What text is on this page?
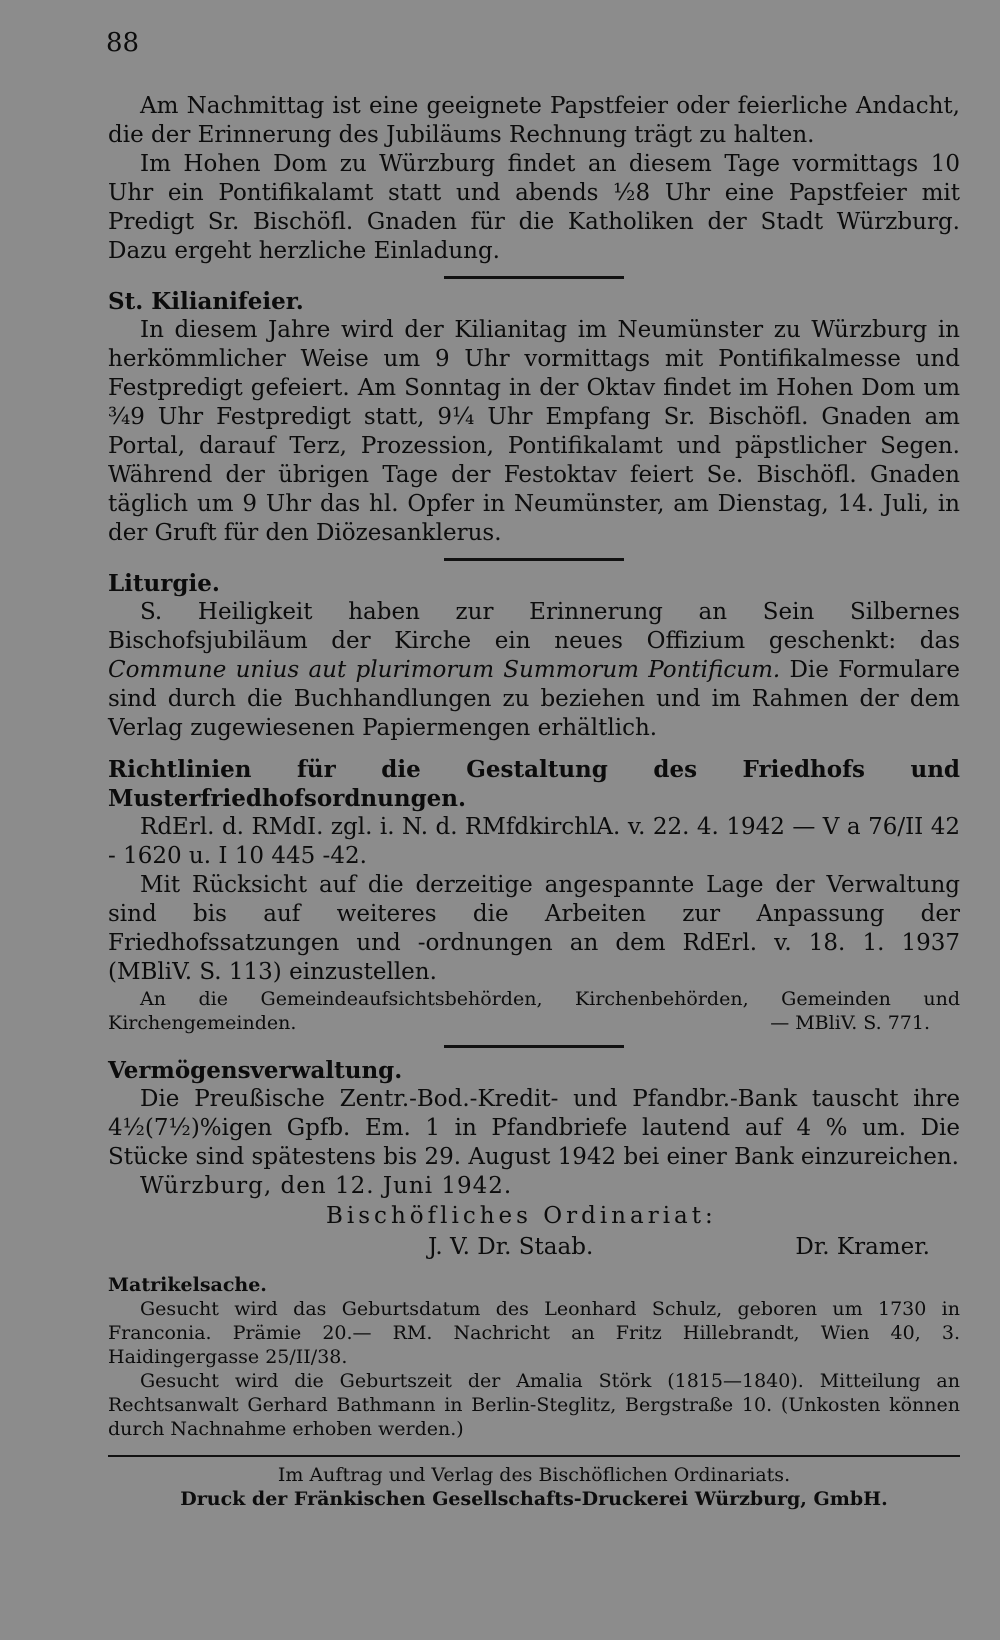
88

Am Nachmittag ist eine geeignete Papstfeier oder feierliche Andacht, die der Erinnerung des Jubiläums Rechnung trägt zu halten.

Im Hohen Dom zu Würzburg findet an diesem Tage vormittags 10 Uhr ein Pontifikalamt statt und abends ½8 Uhr eine Papstfeier mit Predigt Sr. Bischöfl. Gnaden für die Katholiken der Stadt Würzburg. Dazu ergeht herzliche Einladung.

St. Kilianifeier.

In diesem Jahre wird der Kilianitag im Neumünster zu Würzburg in herkömmlicher Weise um 9 Uhr vormittags mit Pontifikalmesse und Festpredigt gefeiert. Am Sonntag in der Oktav findet im Hohen Dom um ¾9 Uhr Festpredigt statt, 9¼ Uhr Empfang Sr. Bischöfl. Gnaden am Portal, darauf Terz, Prozession, Pontifikalamt und päpstlicher Segen. Während der übrigen Tage der Festoktav feiert Se. Bischöfl. Gnaden täglich um 9 Uhr das hl. Opfer in Neumünster, am Dienstag, 14. Juli, in der Gruft für den Diözesanklerus.

Liturgie.

S. Heiligkeit haben zur Erinnerung an Sein Silbernes Bischofsjubiläum der Kirche ein neues Offizium geschenkt: das Commune unius aut plurimorum Summorum Pontificum. Die Formulare sind durch die Buchhandlungen zu beziehen und im Rahmen der dem Verlag zugewiesenen Papiermengen erhältlich.

Richtlinien für die Gestaltung des Friedhofs und Musterfriedhofsordnungen.

RdErl. d. RMdI. zgl. i. N. d. RMfdkirchlA. v. 22. 4. 1942 — V a 76/II 42 - 1620 u. I 10 445 -42.

Mit Rücksicht auf die derzeitige angespannte Lage der Verwaltung sind bis auf weiteres die Arbeiten zur Anpassung der Friedhofssatzungen und -ordnungen an dem RdErl. v. 18. 1. 1937 (MBliV. S. 113) einzustellen.

An die Gemeindeaufsichtsbehörden, Kirchenbehörden, Gemeinden und Kirchengemeinden.	— MBliV. S. 771.

Vermögensverwaltung.

Die Preußische Zentr.-Bod.-Kredit- und Pfandbr.-Bank tauscht ihre 4½(7½)%igen Gpfb. Em. 1 in Pfandbriefe lautend auf 4 % um. Die Stücke sind spätestens bis 29. August 1942 bei einer Bank einzureichen.

Würzburg, den 12. Juni 1942.

Bischöfliches Ordinariat:
J. V. Dr. Staab.	Dr. Kramer.

Matrikelsache.

Gesucht wird das Geburtsdatum des Leonhard Schulz, geboren um 1730 in Franconia. Prämie 20.— RM. Nachricht an Fritz Hillebrandt, Wien 40, 3. Haidingergasse 25/II/38.

Gesucht wird die Geburtszeit der Amalia Störk (1815—1840). Mitteilung an Rechtsanwalt Gerhard Bathmann in Berlin-Steglitz, Bergstraße 10. (Unkosten können durch Nachnahme erhoben werden.)

Im Auftrag und Verlag des Bischöflichen Ordinariats.
Druck der Fränkischen Gesellschafts-Druckerei Würzburg, GmbH.
